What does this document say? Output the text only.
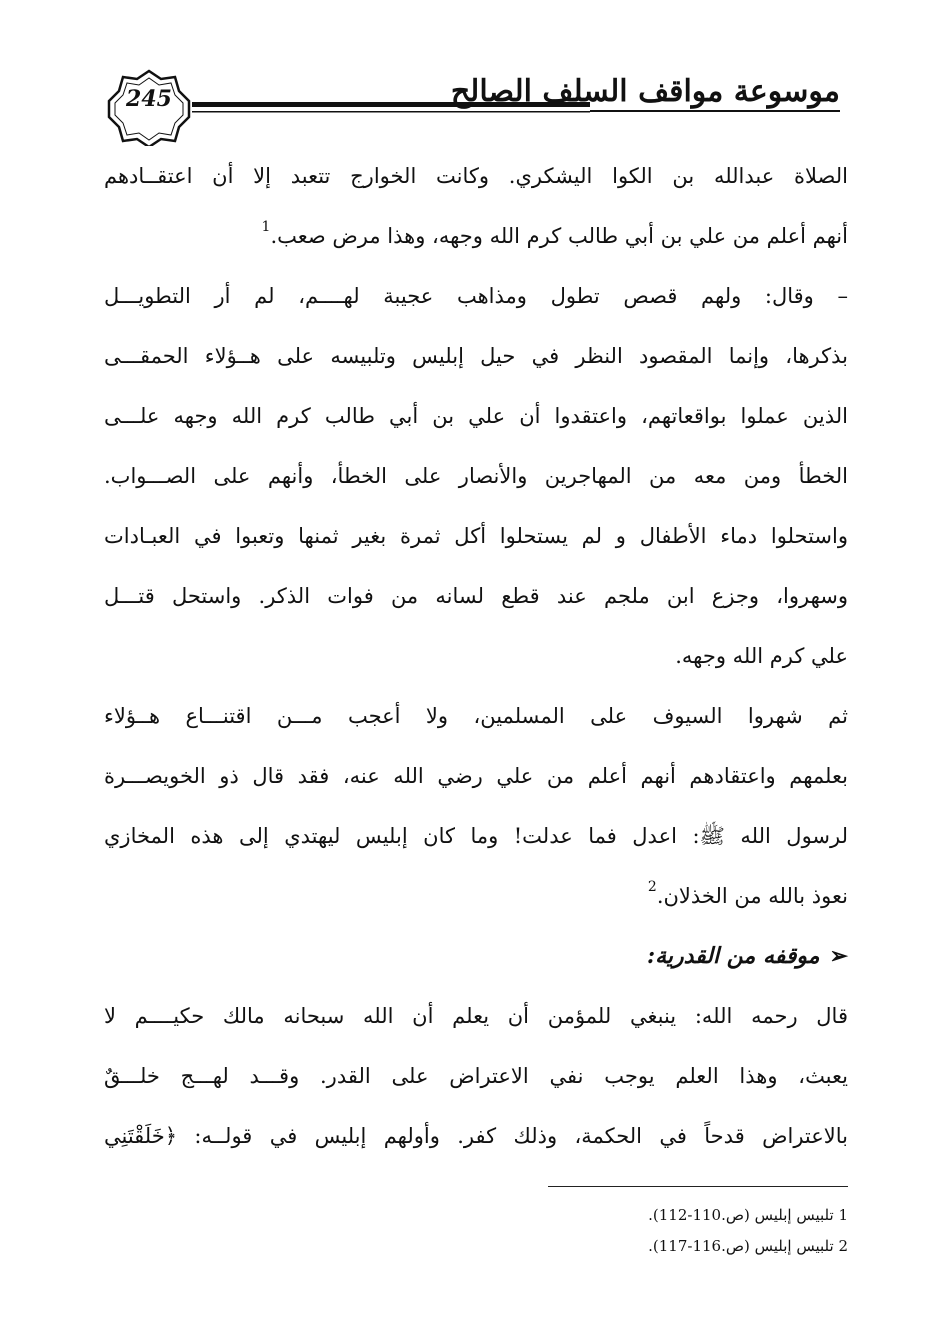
245	موسوعة مواقف السلف الصالح

الصلاة عبدالله بن الكوا اليشكري. وكانت الخوارج تتعبد إلا أن اعتقــادهم
أنهم أعلم من علي بن أبي طالب كرم الله وجهه، وهذا مرض صعب.$^1$

– وقال: ولهم قصص تطول ومذاهب عجيبة لهــــم، لم أر التطويـــل
بذكرها، وإنما المقصود النظر في حيل إبليس وتلبيسه على هــؤلاء الحمقـــى
الذين عملوا بواقعاتهم، واعتقدوا أن علي بن أبي طالب كرم الله وجهه علـــى
الخطأ ومن معه من المهاجرين والأنصار على الخطأ، وأنهم على الصـــواب.
واستحلوا دماء الأطفال و لم يستحلوا أكل ثمرة بغير ثمنها وتعبوا في العبـادات
وسهروا، وجزع ابن ملجم عند قطع لسانه من فوات الذكر. واستحل قتـــل
علي كرم الله وجهه.

ثم شهروا السيوف على المسلمين، ولا أعجب مـــن اقتنـــاع هــؤلاء
بعلمهم واعتقادهم أنهم أعلم من علي رضي الله عنه، فقد قال ذو الخويصـــرة
لرسول الله ﷺ: اعدل فما عدلت! وما كان إبليس ليهتدي إلى هذه المخازي
نعوذ بالله من الخذلان.$^2$

➢موقفه من القدرية:

قال رحمه الله: ينبغي للمؤمن أن يعلم أن الله سبحانه مالك حكيــــم لا
يعبث، وهذا العلم يوجب نفي الاعتراض على القدر. وقـــد لهـــج خلـــقٌ
بالاعتراض قدحاً في الحكمة، وذلك كفر. وأولهم إبليس في قولــه: ﴿خَلَقْتَنِي

1 تلبيس إبليس (ص.110-112).
2 تلبيس إبليس (ص.116-117).
